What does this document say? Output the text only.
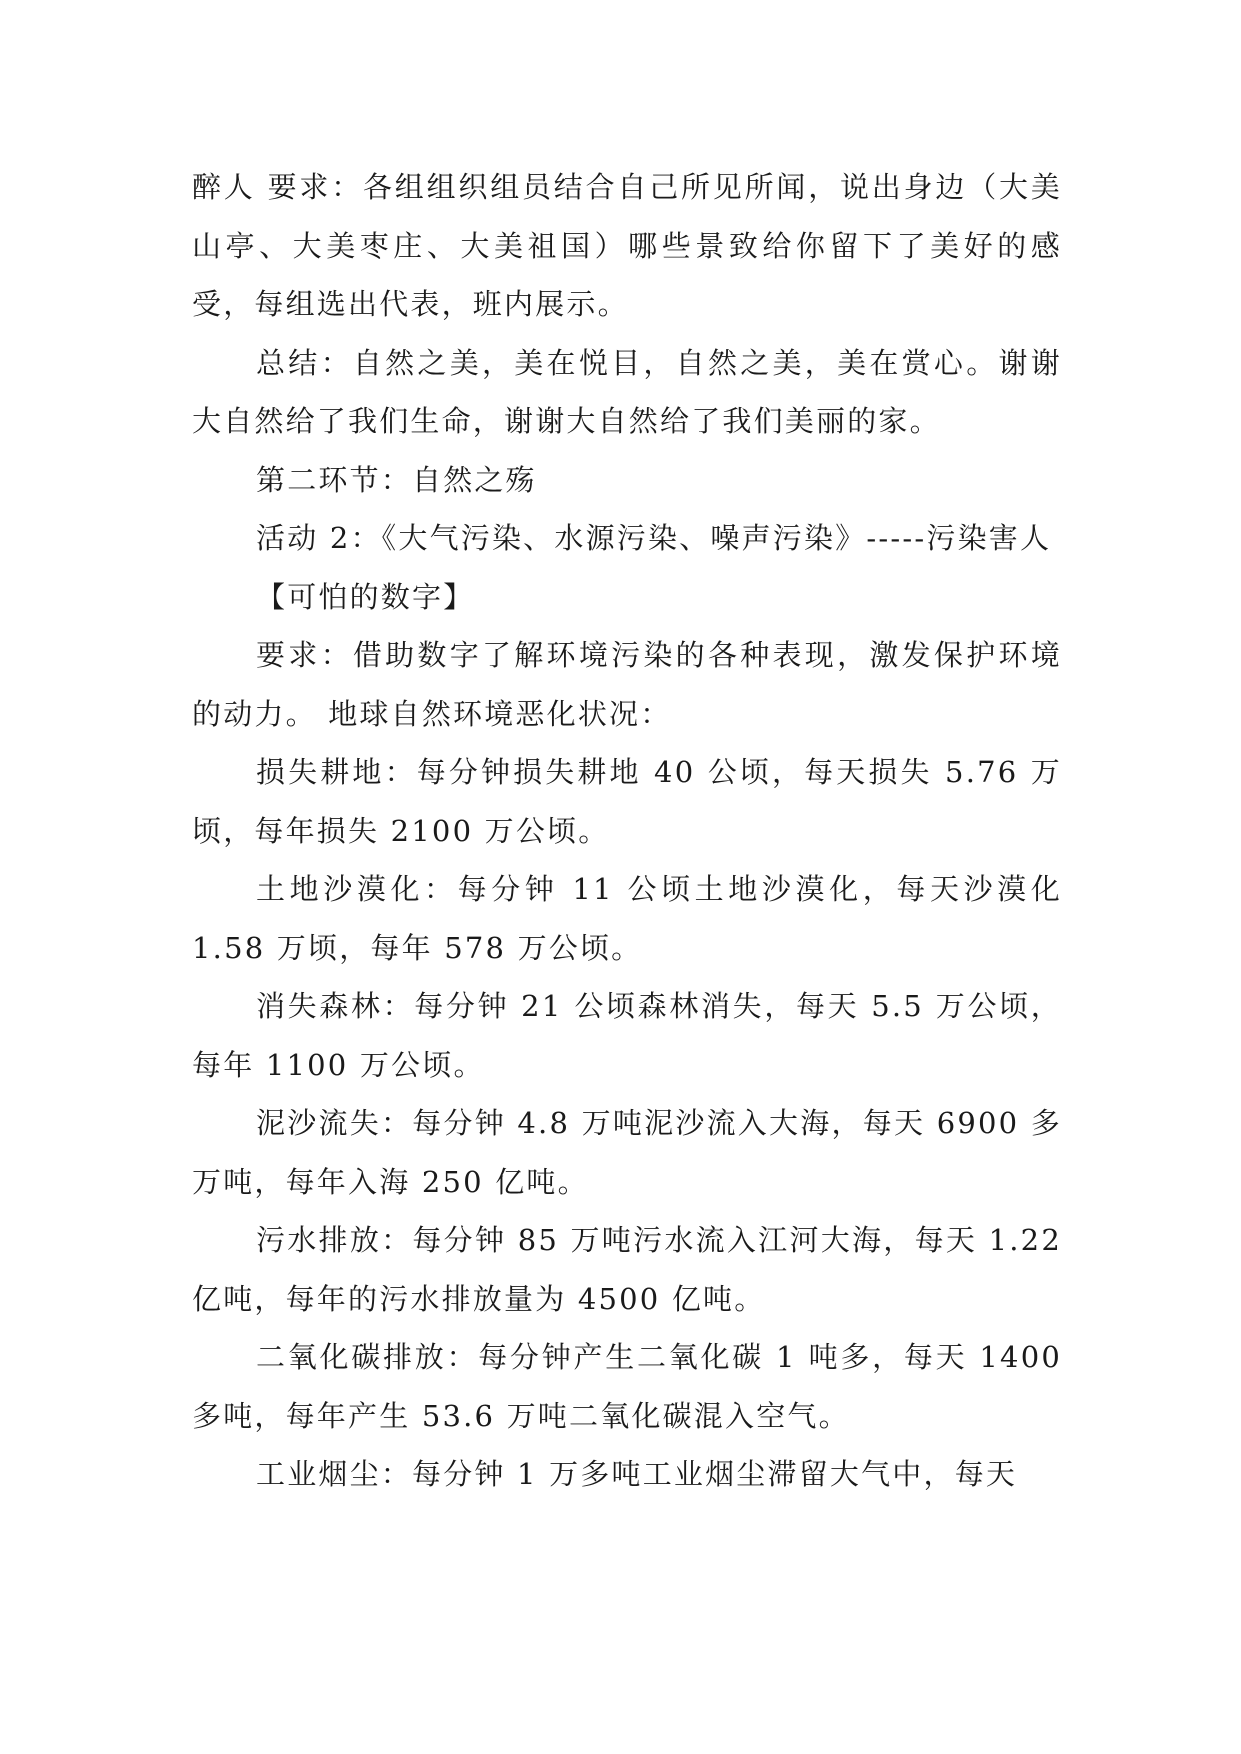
醉人 要求：各组组织组员结合自己所见所闻，说出身边（大美山亭、大美枣庄、大美祖国）哪些景致给你留下了美好的感受，每组选出代表，班内展示。

总结：自然之美，美在悦目，自然之美，美在赏心。谢谢大自然给了我们生命，谢谢大自然给了我们美丽的家。

第二环节：自然之殇

活动 2：《大气污染、水源污染、噪声污染》-----污染害人

【可怕的数字】

要求：借助数字了解环境污染的各种表现，激发保护环境的动力。 地球自然环境恶化状况：

损失耕地：每分钟损失耕地 40 公顷，每天损失 5.76 万顷，每年损失 2100 万公顷。

土地沙漠化：每分钟 11 公顷土地沙漠化，每天沙漠化 1.58 万顷，每年 578 万公顷。

消失森林：每分钟 21 公顷森林消失，每天 5.5 万公顷，每年 1100 万公顷。

泥沙流失：每分钟 4.8 万吨泥沙流入大海，每天 6900 多万吨，每年入海 250 亿吨。

污水排放：每分钟 85 万吨污水流入江河大海，每天 1.22 亿吨，每年的污水排放量为 4500 亿吨。

二氧化碳排放：每分钟产生二氧化碳 1 吨多，每天 1400 多吨，每年产生 53.6 万吨二氧化碳混入空气。

工业烟尘：每分钟 1 万多吨工业烟尘滞留大气中，每天
